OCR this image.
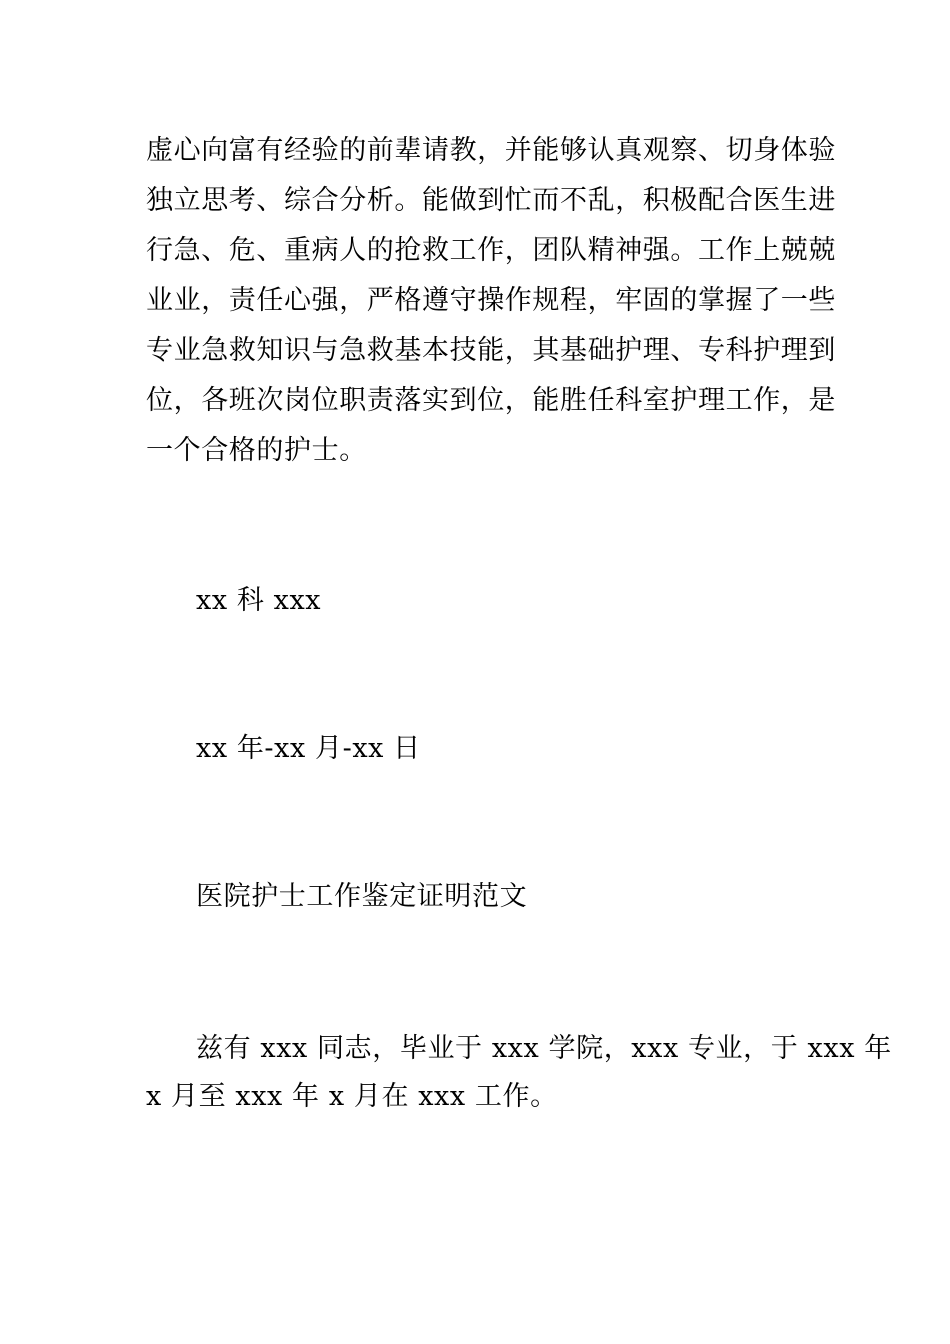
虚心向富有经验的前辈请教，并能够认真观察、切身体验
独立思考、综合分析。能做到忙而不乱，积极配合医生进
行急、危、重病人的抢救工作，团队精神强。工作上兢兢
业业，责任心强，严格遵守操作规程，牢固的掌握了一些
专业急救知识与急救基本技能，其基础护理、专科护理到
位，各班次岗位职责落实到位，能胜任科室护理工作，是
一个合格的护士。
xx 科 xxx
xx 年-xx 月-xx 日
医院护士工作鉴定证明范文
兹有 xxx 同志，毕业于 xxx 学院，xxx 专业，于 xxx 年
x 月至 xxx 年 x 月在 xxx 工作。
